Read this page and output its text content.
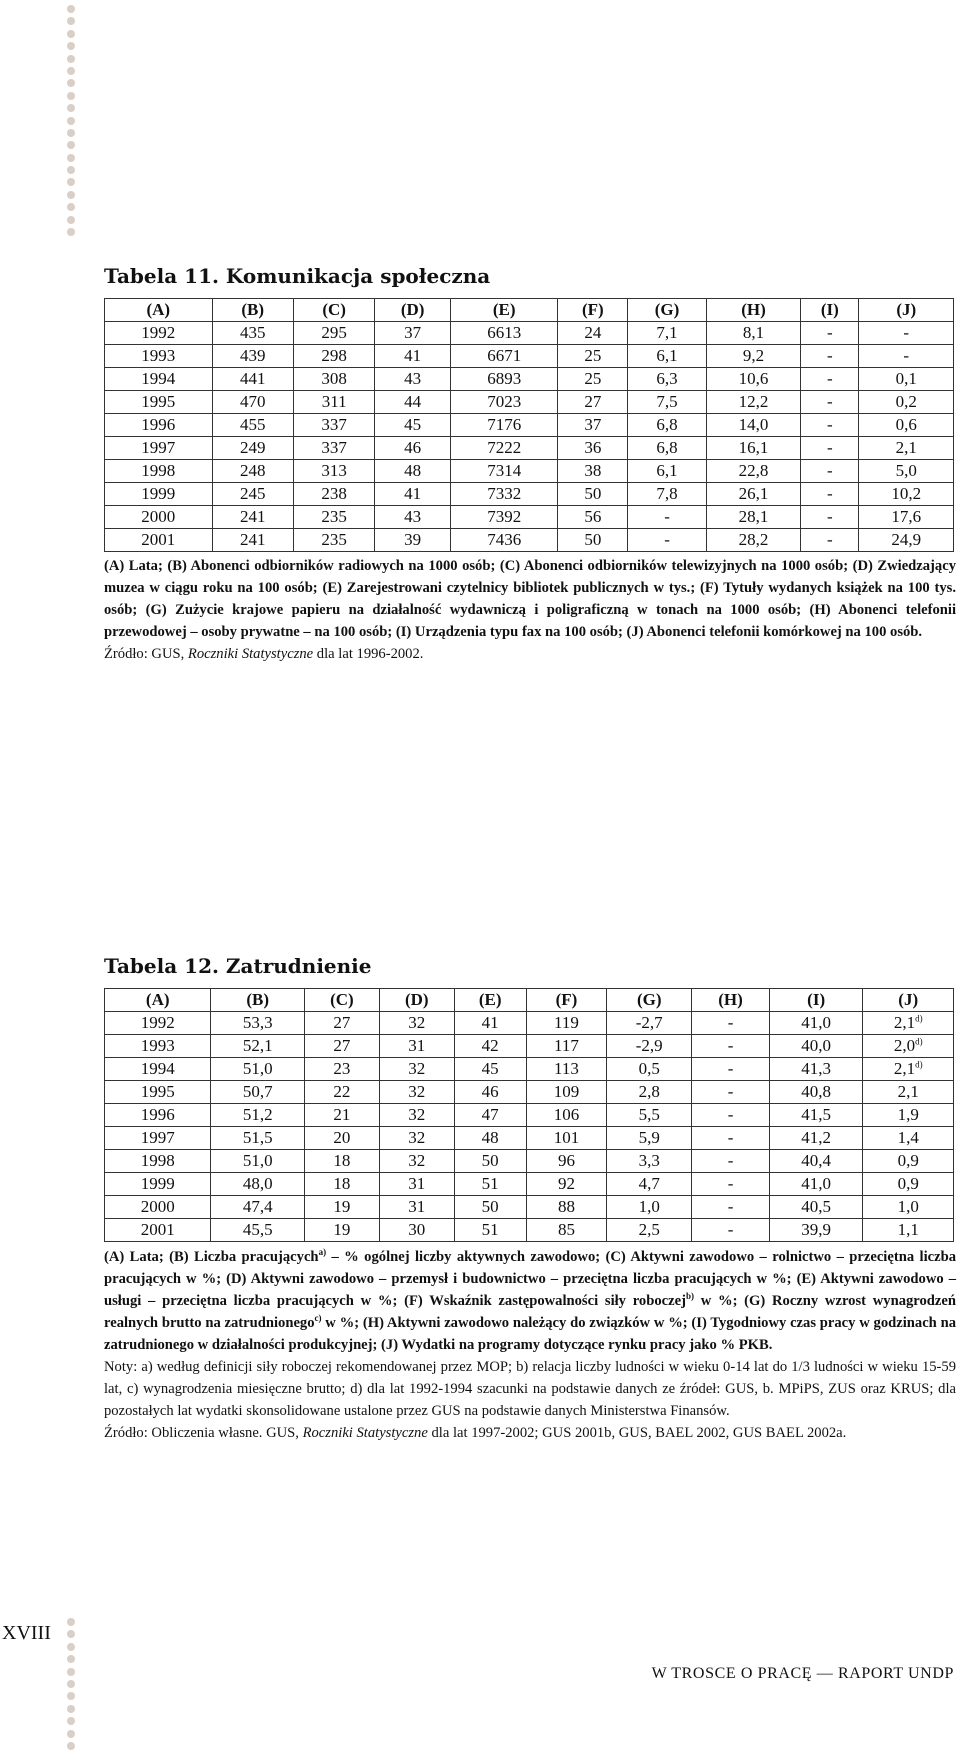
Tabela 11. Komunikacja społeczna
(A)	(B)	(C)	(D)	(E)	(F)	(G)	(H)	(I)	(J)
1992	435	295	37	6613	24	7,1	8,1	-	-
1993	439	298	41	6671	25	6,1	9,2	-	-
1994	441	308	43	6893	25	6,3	10,6	-	0,1
1995	470	311	44	7023	27	7,5	12,2	-	0,2
1996	455	337	45	7176	37	6,8	14,0	-	0,6
1997	249	337	46	7222	36	6,8	16,1	-	2,1
1998	248	313	48	7314	38	6,1	22,8	-	5,0
1999	245	238	41	7332	50	7,8	26,1	-	10,2
2000	241	235	43	7392	56	-	28,1	-	17,6
2001	241	235	39	7436	50	-	28,2	-	24,9
(A) Lata; (B) Abonenci odbiorników radiowych na 1000 osób; (C) Abonenci odbiorników telewizyjnych na 1000 osób; (D) Zwiedzający muzea w ciągu roku na 100 osób; (E) Zarejestrowani czytelnicy bibliotek publicznych w tys.; (F) Tytuły wydanych książek na 100 tys. osób; (G) Zużycie krajowe papieru na działalność wydawniczą i poligraficzną w tonach na 1000 osób; (H) Abonenci telefonii przewodowej – osoby prywatne – na 100 osób; (I) Urządzenia typu fax na 100 osób; (J) Abonenci telefonii komórkowej na 100 osób.
Źródło: GUS, Roczniki Statystyczne dla lat 1996-2002.
Tabela 12. Zatrudnienie
(A)	(B)	(C)	(D)	(E)	(F)	(G)	(H)	(I)	(J)
1992	53,3	27	32	41	119	-2,7	-	41,0	2,1$^{d)}$
1993	52,1	27	31	42	117	-2,9	-	40,0	2,0$^{d)}$
1994	51,0	23	32	45	113	0,5	-	41,3	2,1$^{d)}$
1995	50,7	22	32	46	109	2,8	-	40,8	2,1
1996	51,2	21	32	47	106	5,5	-	41,5	1,9
1997	51,5	20	32	48	101	5,9	-	41,2	1,4
1998	51,0	18	32	50	96	3,3	-	40,4	0,9
1999	48,0	18	31	51	92	4,7	-	41,0	0,9
2000	47,4	19	31	50	88	1,0	-	40,5	1,0
2001	45,5	19	30	51	85	2,5	-	39,9	1,1
(A) Lata; (B) Liczba pracujących$^{a)}$ – % ogólnej liczby aktywnych zawodowo; (C) Aktywni zawodowo – rolnictwo – przeciętna liczba pracujących w %; (D) Aktywni zawodowo – przemysł i budownictwo – przeciętna liczba pracujących w %; (E) Aktywni zawodowo – usługi – przeciętna liczba pracujących w %; (F) Wskaźnik zastępowalności siły roboczej$^{b)}$ w %; (G) Roczny wzrost wynagrodzeń realnych brutto na zatrudnionego$^{c)}$ w %; (H) Aktywni zawodowo należący do związków w %; (I) Tygodniowy czas pracy w godzinach na zatrudnionego w działalności produkcyjnej; (J) Wydatki na programy dotyczące rynku pracy jako % PKB.
Noty: a) według definicji siły roboczej rekomendowanej przez MOP; b) relacja liczby ludności w wieku 0-14 lat do 1/3 ludności w wieku 15-59 lat, c) wynagrodzenia miesięczne brutto; d) dla lat 1992-1994 szacunki na podstawie danych ze źródeł: GUS, b. MPiPS, ZUS oraz KRUS; dla pozostałych lat wydatki skonsolidowane ustalone przez GUS na podstawie danych Ministerstwa Finansów.
Źródło: Obliczenia własne. GUS, Roczniki Statystyczne dla lat 1997-2002; GUS 2001b, GUS, BAEL 2002, GUS BAEL 2002a.
XVIII
W TROSCE O PRACĘ — RAPORT UNDP
